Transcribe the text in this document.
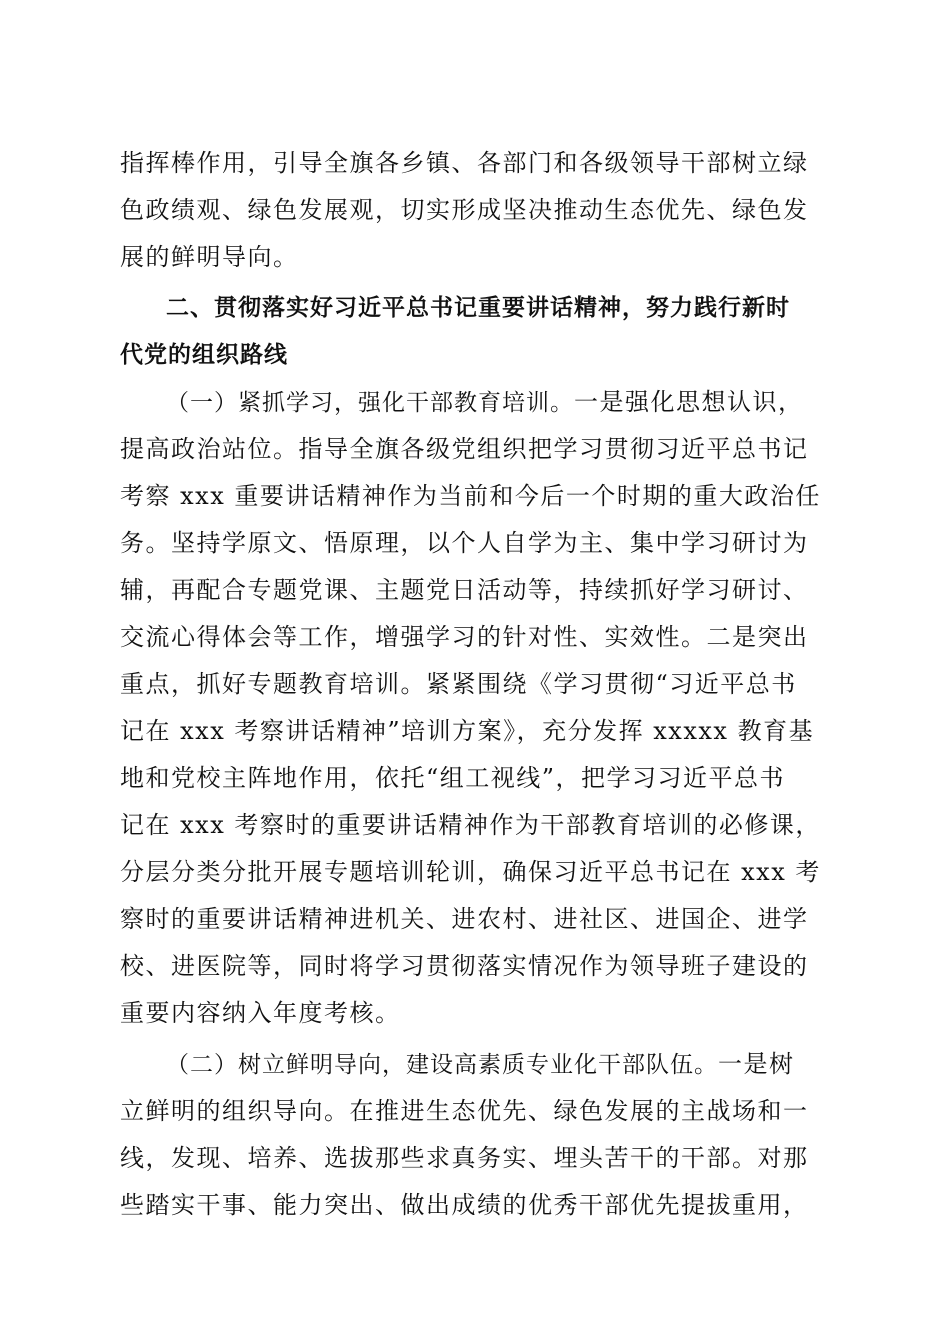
指挥棒作用，引导全旗各乡镇、各部门和各级领导干部树立绿
色政绩观、绿色发展观，切实形成坚决推动生态优先、绿色发
展的鲜明导向。
二、贯彻落实好习近平总书记重要讲话精神，努力践行新时
代党的组织路线
（一）紧抓学习，强化干部教育培训。一是强化思想认识，
提高政治站位。指导全旗各级党组织把学习贯彻习近平总书记
考察 xxx 重要讲话精神作为当前和今后一个时期的重大政治任
务。坚持学原文、悟原理，以个人自学为主、集中学习研讨为
辅，再配合专题党课、主题党日活动等，持续抓好学习研讨、
交流心得体会等工作，增强学习的针对性、实效性。二是突出
重点，抓好专题教育培训。紧紧围绕《学习贯彻“习近平总书
记在 xxx 考察讲话精神”培训方案》，充分发挥 xxxxx 教育基
地和党校主阵地作用，依托“组工视线”，把学习习近平总书
记在 xxx 考察时的重要讲话精神作为干部教育培训的必修课，
分层分类分批开展专题培训轮训，确保习近平总书记在 xxx 考
察时的重要讲话精神进机关、进农村、进社区、进国企、进学
校、进医院等，同时将学习贯彻落实情况作为领导班子建设的
重要内容纳入年度考核。
（二）树立鲜明导向，建设高素质专业化干部队伍。一是树
立鲜明的组织导向。在推进生态优先、绿色发展的主战场和一
线，发现、培养、选拔那些求真务实、埋头苦干的干部。对那
些踏实干事、能力突出、做出成绩的优秀干部优先提拔重用，
